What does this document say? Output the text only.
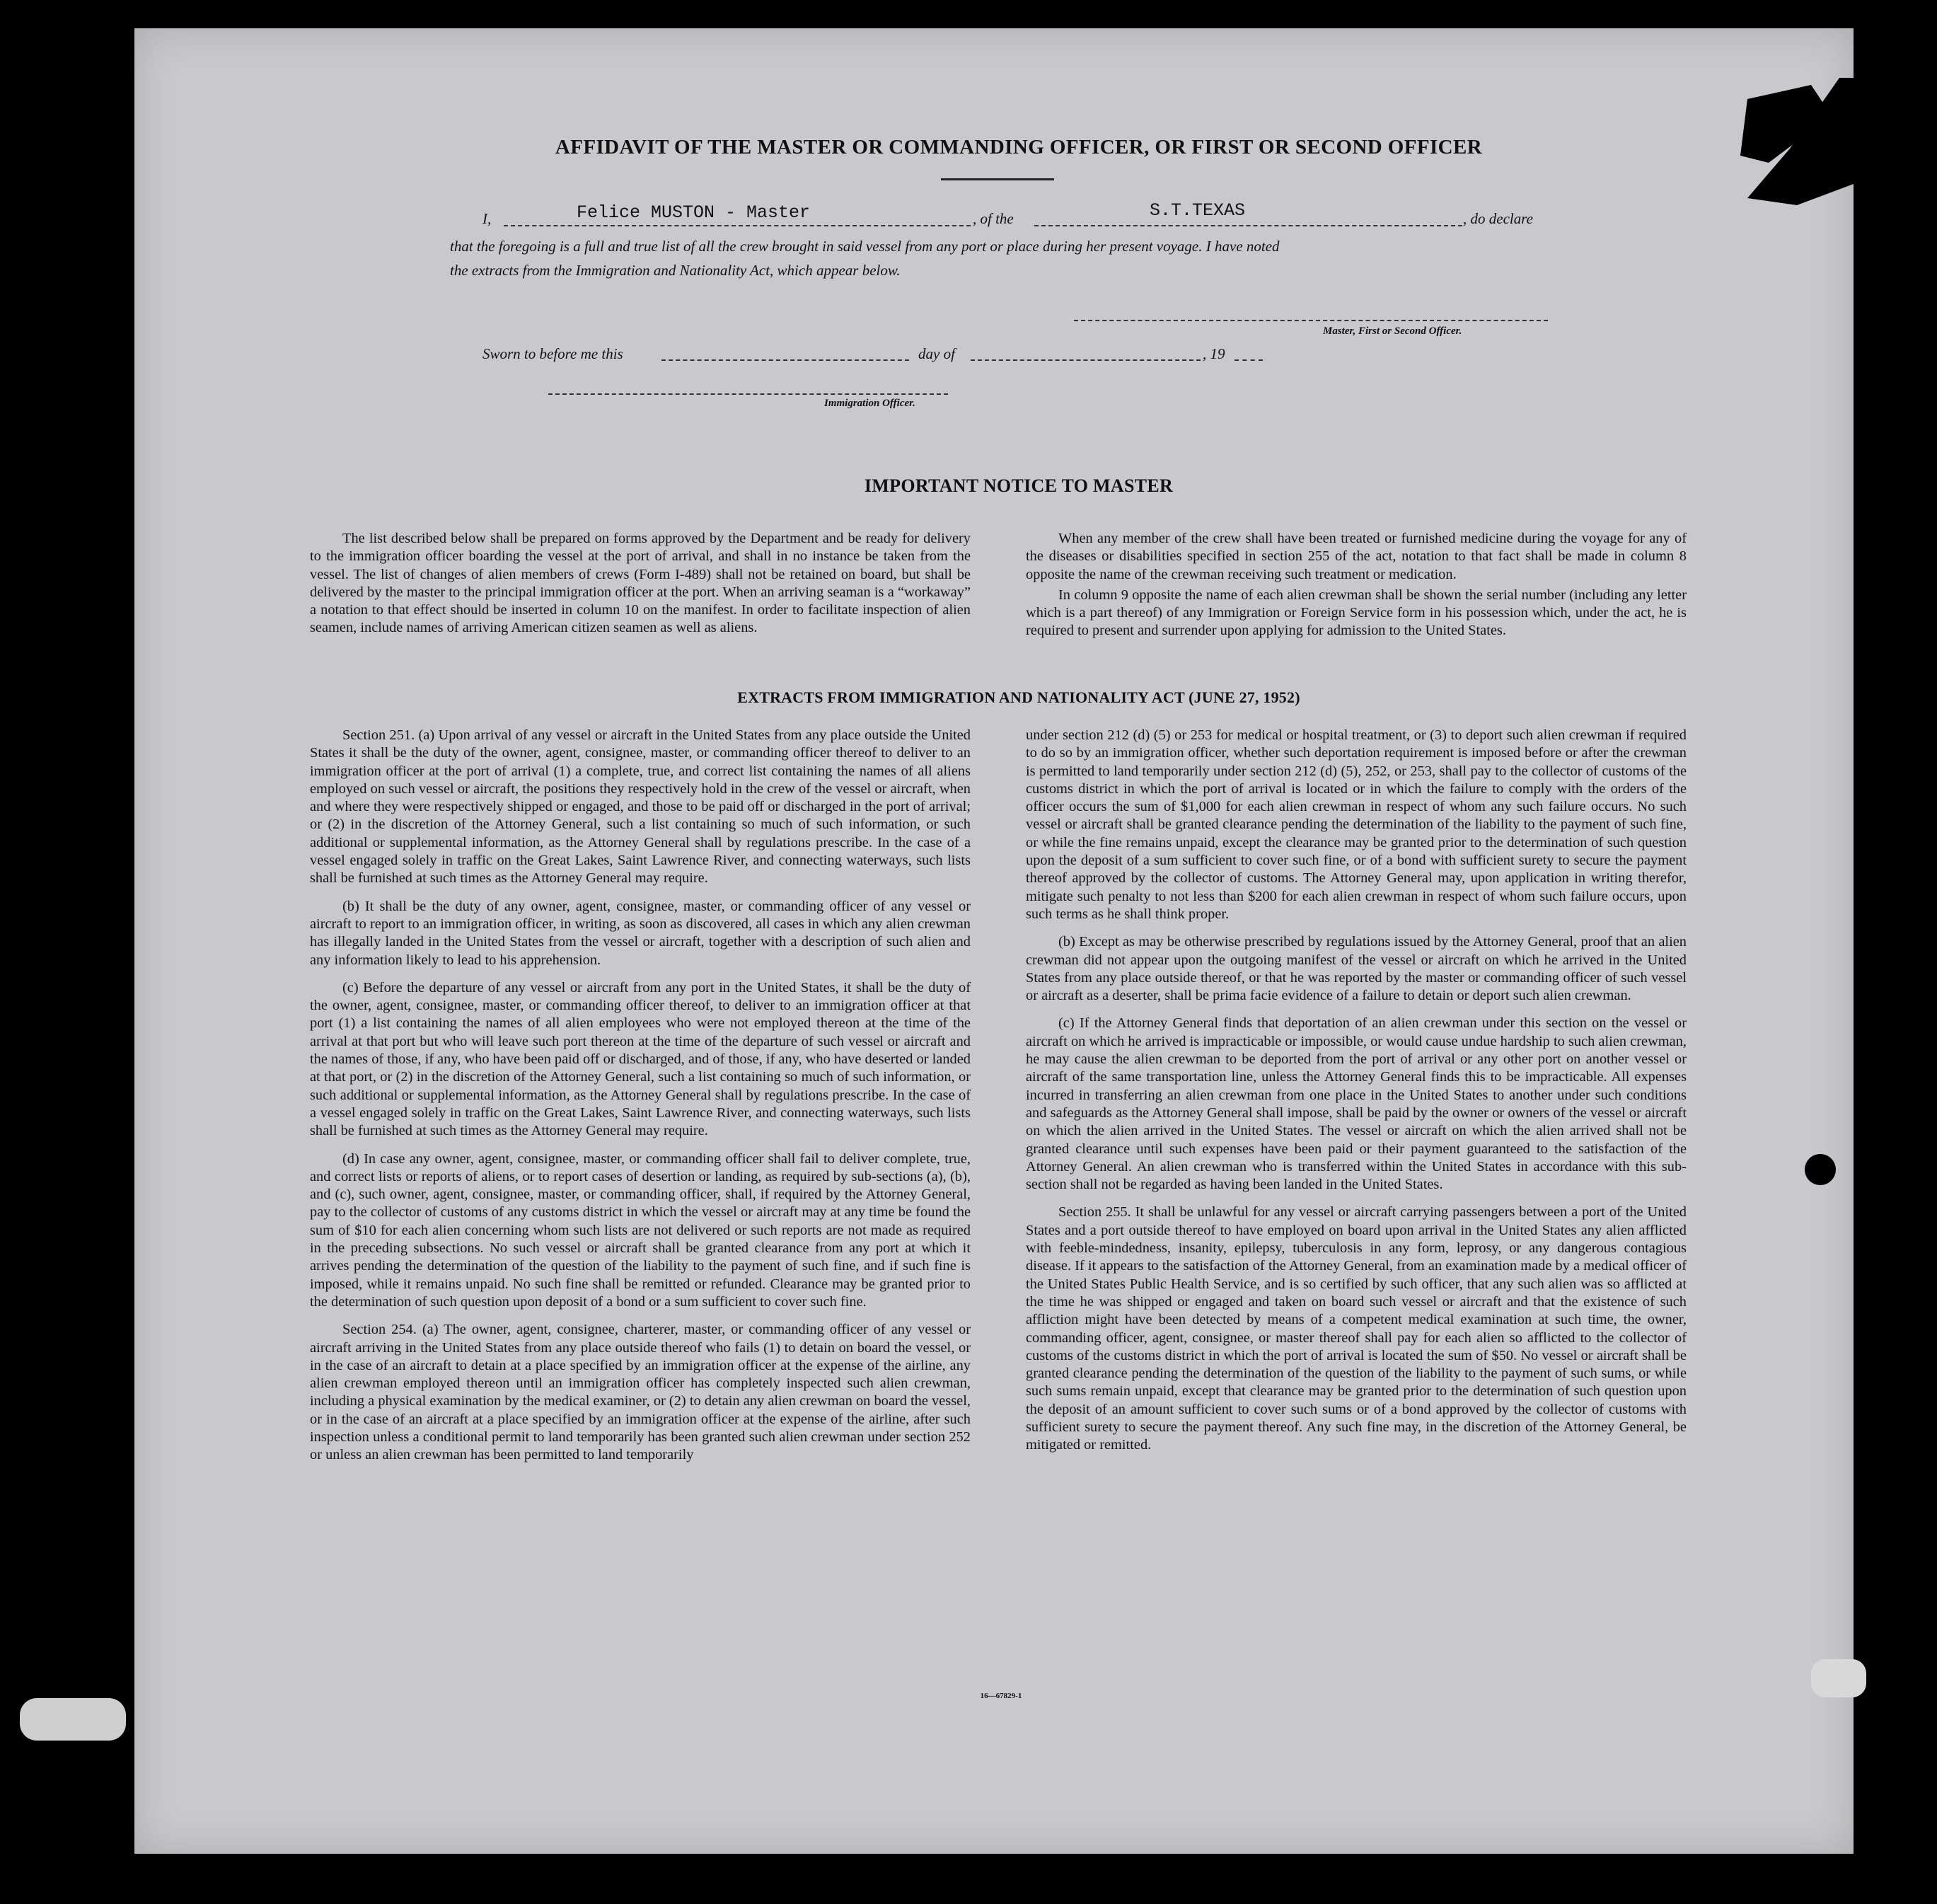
AFFIDAVIT OF THE MASTER OR COMMANDING OFFICER, OR FIRST OR SECOND OFFICER
I,	Felice MUSTON - Master	, of the	S.T.TEXAS	, do declare
that the foregoing is a full and true list of all the crew brought in said vessel from any port or place during her present voyage. I have noted
the extracts from the Immigration and Nationality Act, which appear below.
Master, First or Second Officer.
Sworn to before me this	day of	, 19
Immigration Officer.
IMPORTANT NOTICE TO MASTER

The list described below shall be prepared on forms approved by the Department and be ready for delivery to the immigration officer boarding the vessel at the port of arrival, and shall in no instance be taken from the vessel. The list of changes of alien members of crews (Form I-489) shall not be retained on board, but shall be delivered by the master to the principal immigration officer at the port. When an arriving seaman is a “workaway” a notation to that effect should be inserted in column 10 on the manifest. In order to facilitate inspection of alien seamen, include names of arriving American citizen seamen as well as aliens.

When any member of the crew shall have been treated or furnished medicine during the voyage for any of the diseases or disabilities specified in section 255 of the act, notation to that fact shall be made in column 8 opposite the name of the crewman receiving such treatment or medication.

In column 9 opposite the name of each alien crewman shall be shown the serial number (including any letter which is a part thereof) of any Immigration or Foreign Service form in his possession which, under the act, he is required to present and surrender upon applying for admission to the United States.

EXTRACTS FROM IMMIGRATION AND NATIONALITY ACT (JUNE 27, 1952)

Section 251. (a) Upon arrival of any vessel or aircraft in the United States from any place outside the United States it shall be the duty of the owner, agent, consignee, master, or commanding officer thereof to deliver to an immigration officer at the port of arrival (1) a complete, true, and correct list containing the names of all aliens employed on such vessel or aircraft, the positions they respectively hold in the crew of the vessel or aircraft, when and where they were respectively shipped or engaged, and those to be paid off or discharged in the port of arrival; or (2) in the discretion of the Attorney General, such a list containing so much of such information, or such additional or supplemental information, as the Attorney General shall by regulations prescribe. In the case of a vessel engaged solely in traffic on the Great Lakes, Saint Lawrence River, and connecting waterways, such lists shall be furnished at such times as the Attorney General may require.

(b) It shall be the duty of any owner, agent, consignee, master, or commanding officer of any vessel or aircraft to report to an immigration officer, in writing, as soon as discovered, all cases in which any alien crewman has illegally landed in the United States from the vessel or aircraft, together with a description of such alien and any information likely to lead to his apprehension.

(c) Before the departure of any vessel or aircraft from any port in the United States, it shall be the duty of the owner, agent, consignee, master, or commanding officer thereof, to deliver to an immigration officer at that port (1) a list containing the names of all alien employees who were not employed thereon at the time of the arrival at that port but who will leave such port thereon at the time of the departure of such vessel or aircraft and the names of those, if any, who have been paid off or discharged, and of those, if any, who have deserted or landed at that port, or (2) in the discretion of the Attorney General, such a list containing so much of such information, or such additional or supplemental information, as the Attorney General shall by regulations prescribe. In the case of a vessel engaged solely in traffic on the Great Lakes, Saint Lawrence River, and connecting waterways, such lists shall be furnished at such times as the Attorney General may require.

(d) In case any owner, agent, consignee, master, or commanding officer shall fail to deliver complete, true, and correct lists or reports of aliens, or to report cases of desertion or landing, as required by sub-sections (a), (b), and (c), such owner, agent, consignee, master, or commanding officer, shall, if required by the Attorney General, pay to the collector of customs of any customs district in which the vessel or aircraft may at any time be found the sum of $10 for each alien concerning whom such lists are not delivered or such reports are not made as required in the preceding subsections. No such vessel or aircraft shall be granted clearance from any port at which it arrives pending the determination of the question of the liability to the payment of such fine, and if such fine is imposed, while it remains unpaid. No such fine shall be remitted or refunded. Clearance may be granted prior to the determination of such question upon deposit of a bond or a sum sufficient to cover such fine.

Section 254. (a) The owner, agent, consignee, charterer, master, or commanding officer of any vessel or aircraft arriving in the United States from any place outside thereof who fails (1) to detain on board the vessel, or in the case of an aircraft to detain at a place specified by an immigration officer at the expense of the airline, any alien crewman employed thereon until an immigration officer has completely inspected such alien crewman, including a physical examination by the medical examiner, or (2) to detain any alien crewman on board the vessel, or in the case of an aircraft at a place specified by an immigration officer at the expense of the airline, after such inspection unless a conditional permit to land temporarily has been granted such alien crewman under section 252 or unless an alien crewman has been permitted to land temporarily

under section 212 (d) (5) or 253 for medical or hospital treatment, or (3) to deport such alien crewman if required to do so by an immigration officer, whether such deportation requirement is imposed before or after the crewman is permitted to land temporarily under section 212 (d) (5), 252, or 253, shall pay to the collector of customs of the customs district in which the port of arrival is located or in which the failure to comply with the orders of the officer occurs the sum of $1,000 for each alien crewman in respect of whom any such failure occurs. No such vessel or aircraft shall be granted clearance pending the determination of the liability to the payment of such fine, or while the fine remains unpaid, except the clearance may be granted prior to the determination of such question upon the deposit of a sum sufficient to cover such fine, or of a bond with sufficient surety to secure the payment thereof approved by the collector of customs. The Attorney General may, upon application in writing therefor, mitigate such penalty to not less than $200 for each alien crewman in respect of whom such failure occurs, upon such terms as he shall think proper.

(b) Except as may be otherwise prescribed by regulations issued by the Attorney General, proof that an alien crewman did not appear upon the outgoing manifest of the vessel or aircraft on which he arrived in the United States from any place outside thereof, or that he was reported by the master or commanding officer of such vessel or aircraft as a deserter, shall be prima facie evidence of a failure to detain or deport such alien crewman.

(c) If the Attorney General finds that deportation of an alien crewman under this section on the vessel or aircraft on which he arrived is impracticable or impossible, or would cause undue hardship to such alien crewman, he may cause the alien crewman to be deported from the port of arrival or any other port on another vessel or aircraft of the same transportation line, unless the Attorney General finds this to be impracticable. All expenses incurred in transferring an alien crewman from one place in the United States to another under such conditions and safeguards as the Attorney General shall impose, shall be paid by the owner or owners of the vessel or aircraft on which the alien arrived in the United States. The vessel or aircraft on which the alien arrived shall not be granted clearance until such expenses have been paid or their payment guaranteed to the satisfaction of the Attorney General. An alien crewman who is transferred within the United States in accordance with this sub-section shall not be regarded as having been landed in the United States.

Section 255. It shall be unlawful for any vessel or aircraft carrying passengers between a port of the United States and a port outside thereof to have employed on board upon arrival in the United States any alien afflicted with feeble-mindedness, insanity, epilepsy, tuberculosis in any form, leprosy, or any dangerous contagious disease. If it appears to the satisfaction of the Attorney General, from an examination made by a medical officer of the United States Public Health Service, and is so certified by such officer, that any such alien was so afflicted at the time he was shipped or engaged and taken on board such vessel or aircraft and that the existence of such affliction might have been detected by means of a competent medical examination at such time, the owner, commanding officer, agent, consignee, or master thereof shall pay for each alien so afflicted to the collector of customs of the customs district in which the port of arrival is located the sum of $50. No vessel or aircraft shall be granted clearance pending the determination of the question of the liability to the payment of such sums, or while such sums remain unpaid, except that clearance may be granted prior to the determination of such question upon the deposit of an amount sufficient to cover such sums or of a bond approved by the collector of customs with sufficient surety to secure the payment thereof. Any such fine may, in the discretion of the Attorney General, be mitigated or remitted.

16—67829-1
